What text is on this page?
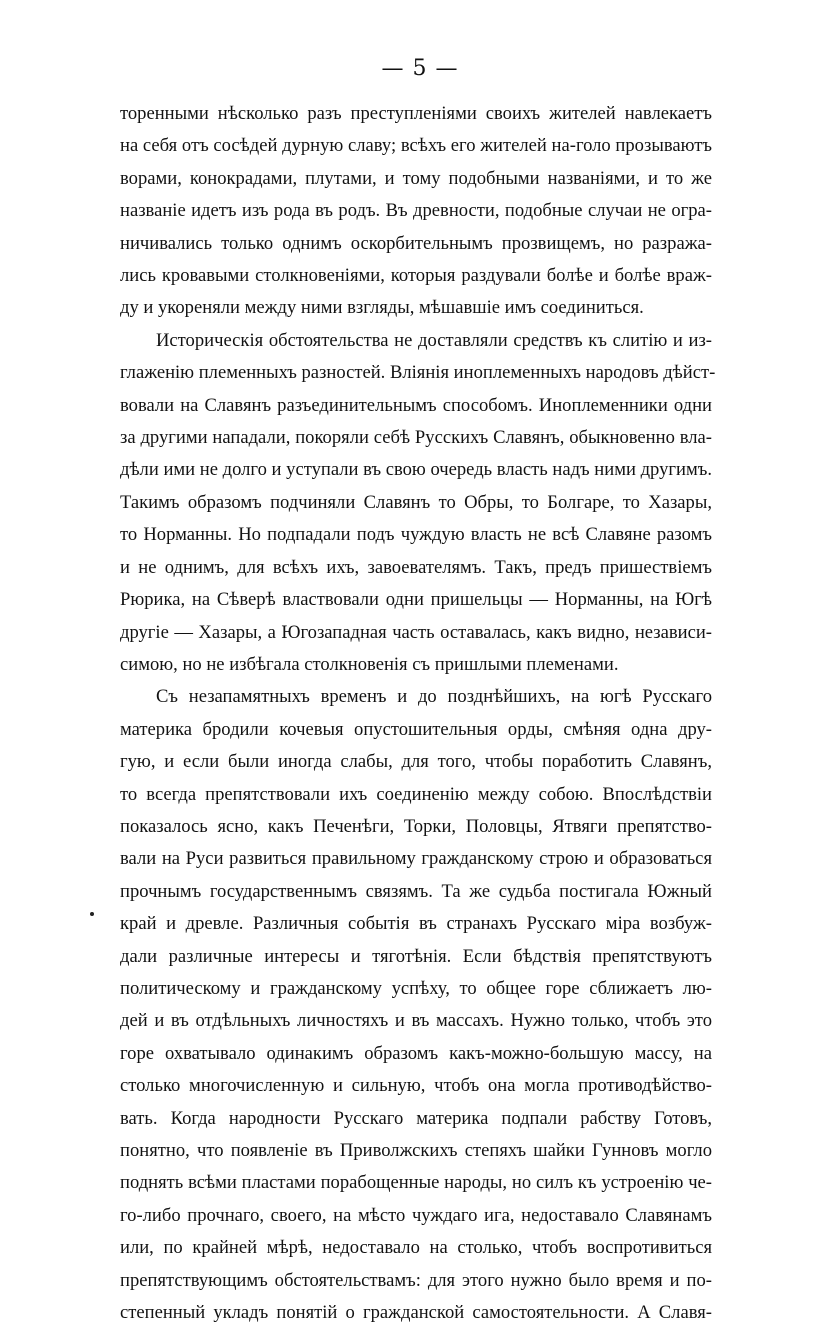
— 5 —
торенными нѣсколько разъ преступленіями своихъ жителей навлекаетъ
на себя отъ сосѣдей дурную славу; всѣхъ его жителей на-голо прозываютъ
ворами, конокрадами, плутами, и тому подобными названіями, и то же
названіе идетъ изъ рода въ родъ. Въ древности, подобные случаи не огра-
ничивались только однимъ оскорбительнымъ прозвищемъ, но разража-
лись кровавыми столкновеніями, которыя раздували болѣе и болѣе враж-
ду и укореняли между ними взгляды, мѣшавшіе имъ соединиться.
Историческія обстоятельства не доставляли средствъ къ слитію и из-
глаженію племенныхъ разностей. Вліянія иноплеменныхъ народовъ дѣйст-
вовали на Славянъ разъединительнымъ способомъ. Иноплеменники одни
за другими нападали, покоряли себѣ Русскихъ Славянъ, обыкновенно вла-
дѣли ими не долго и уступали въ свою очередь власть надъ ними другимъ.
Такимъ образомъ подчиняли Славянъ то Обры, то Болгаре, то Хазары,
то Норманны. Но подпадали подъ чуждую власть не всѣ Славяне разомъ
и не однимъ, для всѣхъ ихъ, завоевателямъ. Такъ, предъ пришествіемъ
Рюрика, на Сѣверѣ властвовали одни пришельцы — Норманны, на Югѣ
другіе — Хазары, а Югозападная часть оставалась, какъ видно, независи-
симою, но не избѣгала столкновенія съ пришлыми племенами.
Съ незапамятныхъ временъ и до позднѣйшихъ, на югѣ Русскаго
материка бродили кочевыя опустошительныя орды, смѣняя одна дру-
гую, и если были иногда слабы, для того, чтобы поработить Славянъ,
то всегда препятствовали ихъ соединенію между собою. Впослѣдствіи
показалось ясно, какъ Печенѣги, Торки, Половцы, Ятвяги препятство-
вали на Руси развиться правильному гражданскому строю и образоваться
прочнымъ государственнымъ связямъ. Та же судьба постигала Южный
край и древле. Различныя событія въ странахъ Русскаго міра возбуж-
дали различные интересы и тяготѣнія. Если бѣдствія препятствуютъ
политическому и гражданскому успѣху, то общее горе сближаетъ лю-
дей и въ отдѣльныхъ личностяхъ и въ массахъ. Нужно только, чтобъ это
горе охватывало одинакимъ образомъ какъ-можно-большую массу, на
столько многочисленную и сильную, чтобъ она могла противодѣйство-
вать. Когда народности Русскаго материка подпали рабству Готовъ,
понятно, что появленіе въ Приволжскихъ степяхъ шайки Гунновъ могло
поднять всѣми пластами порабощенные народы, но силъ къ устроенію че-
го-либо прочнаго, своего, на мѣсто чуждаго ига, недоставало Славянамъ
или, по крайней мѣрѣ, недоставало на столько, чтобъ воспротивиться
препятствующимъ обстоятельствамъ: для этого нужно было время и по-
степенный укладъ понятій о гражданской самостоятельности. А Славя-
